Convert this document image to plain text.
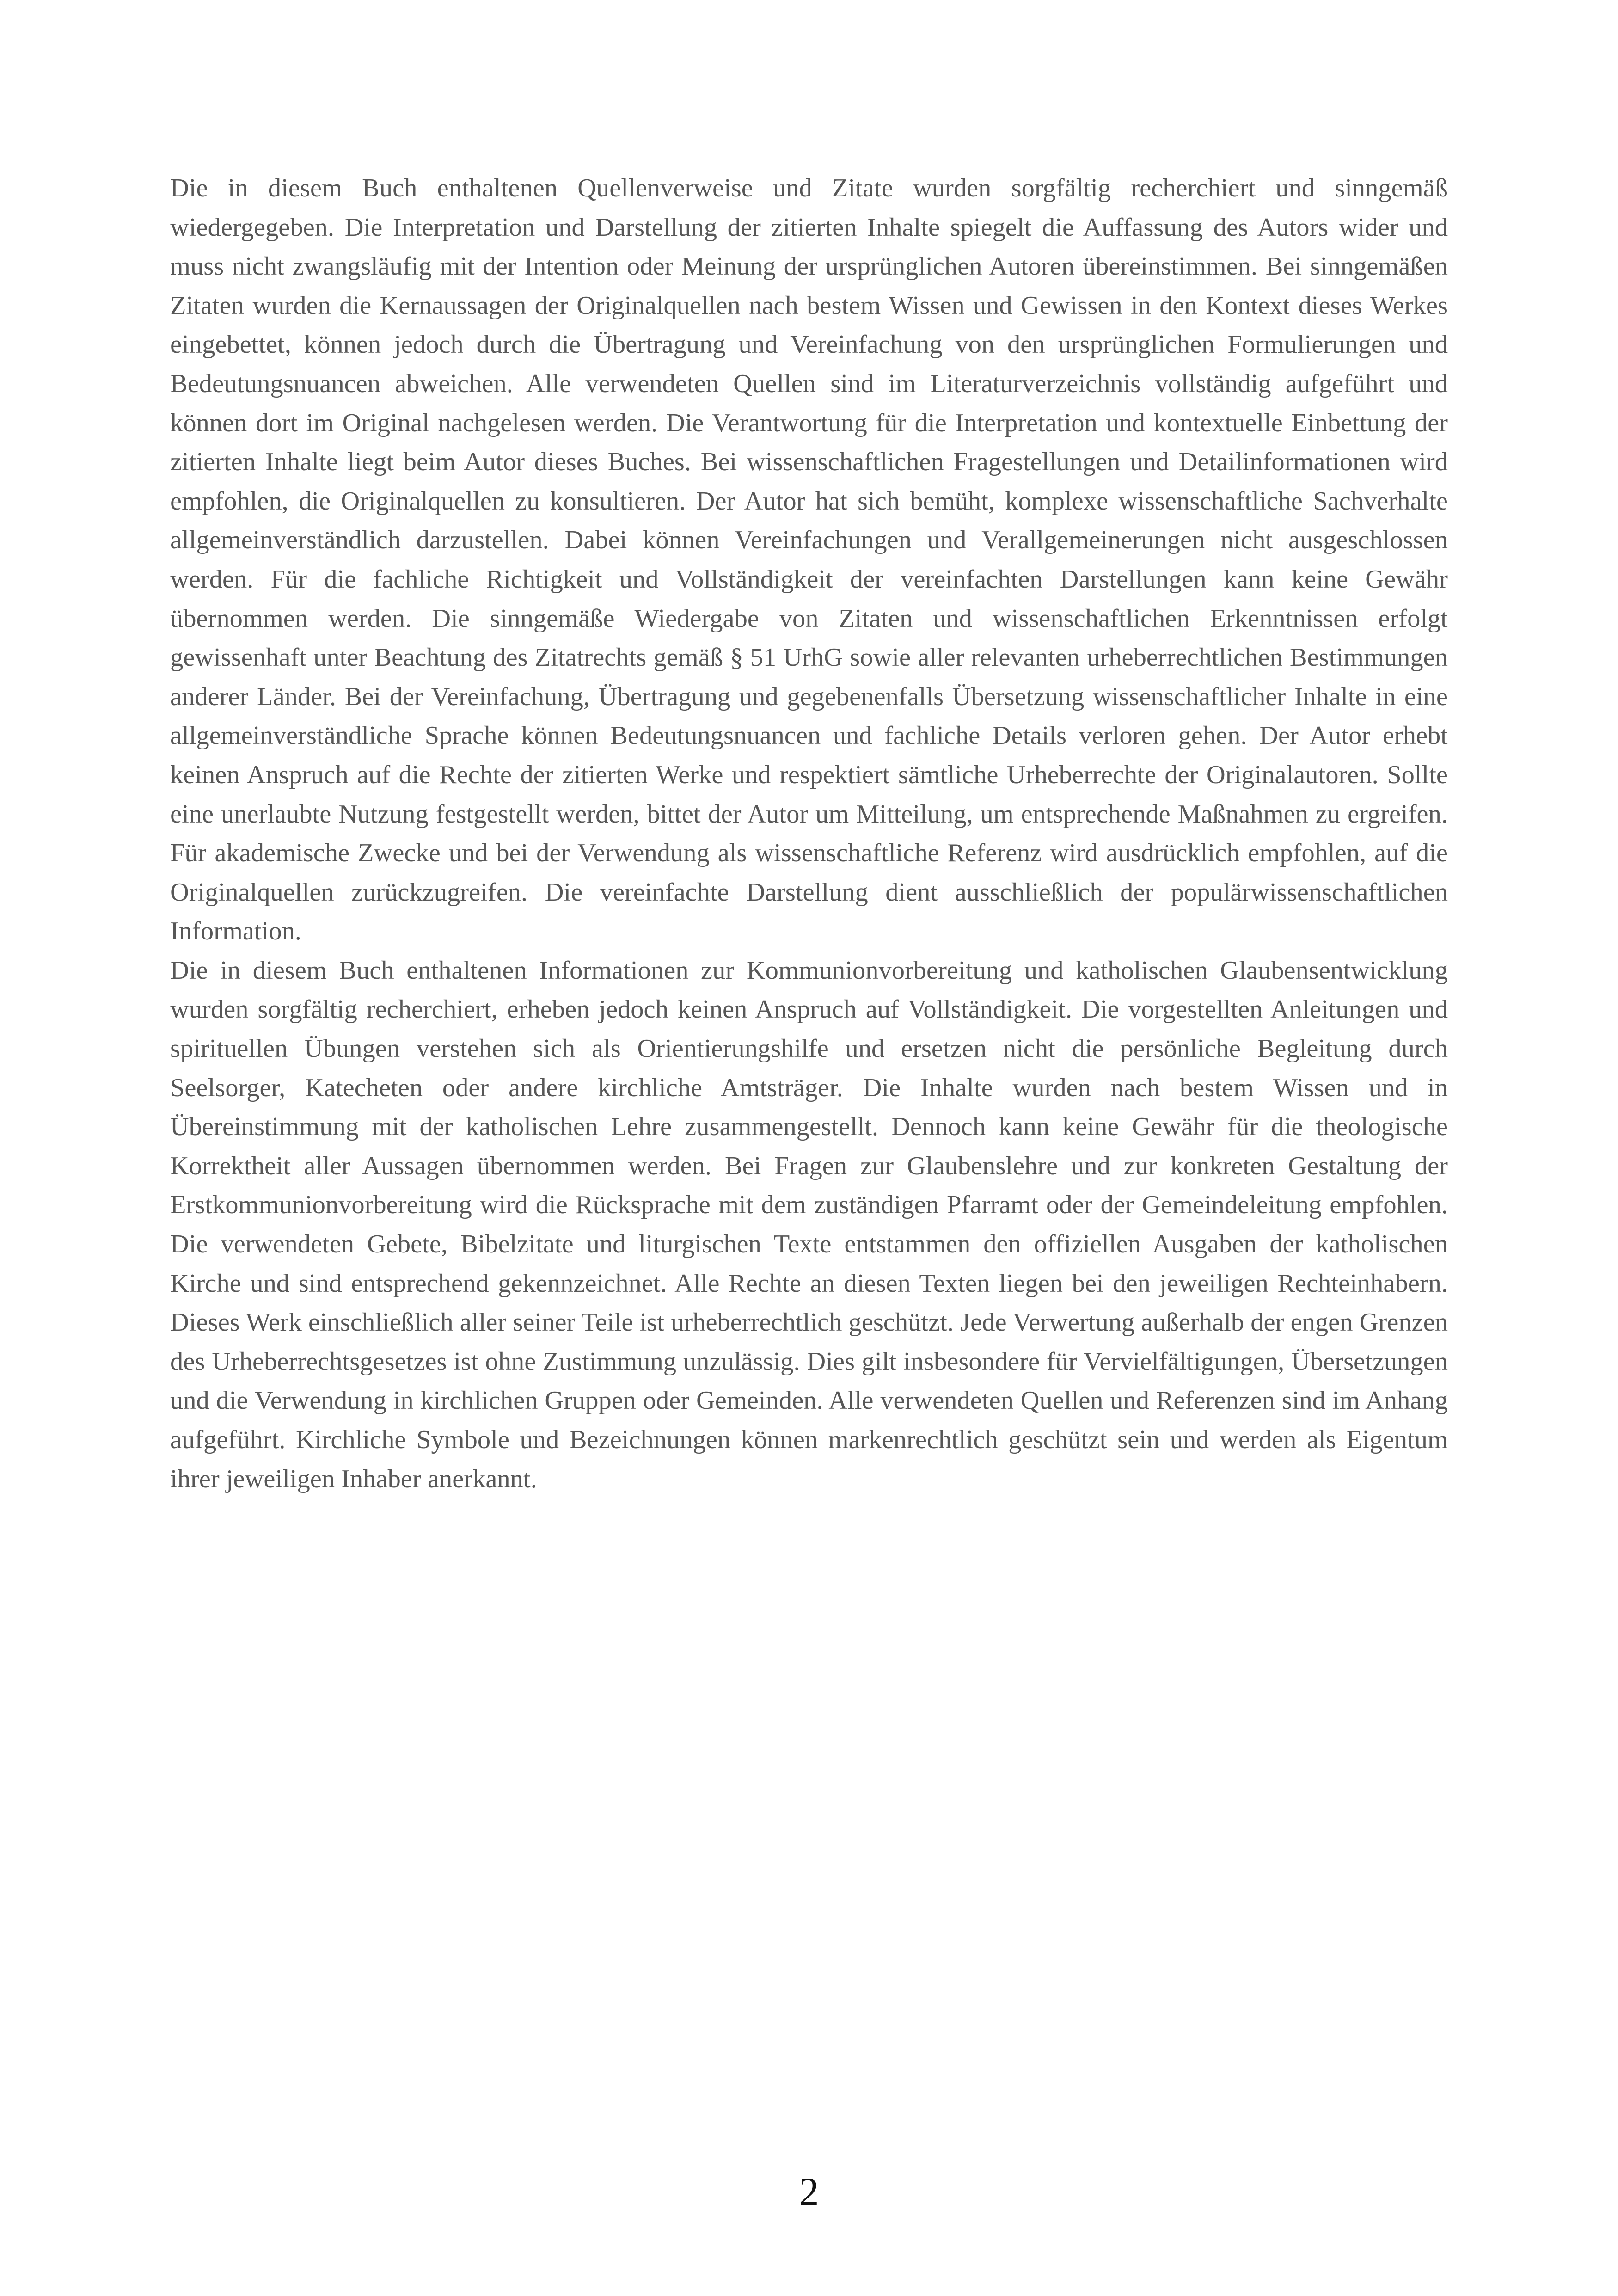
Die in diesem Buch enthaltenen Quellenverweise und Zitate wurden sorgfältig recherchiert und sinngemäß wiedergegeben. Die Interpretation und Darstellung der zitierten Inhalte spiegelt die Auffassung des Autors wider und muss nicht zwangsläufig mit der Intention oder Meinung der ursprünglichen Autoren übereinstimmen. Bei sinngemäßen Zitaten wurden die Kernaussagen der Originalquellen nach bestem Wissen und Gewissen in den Kontext dieses Werkes eingebettet, können jedoch durch die Übertragung und Vereinfachung von den ursprünglichen Formulierungen und Bedeutungsnuancen abweichen. Alle verwendeten Quellen sind im Literaturverzeichnis vollständig aufgeführt und können dort im Original nachgelesen werden. Die Verantwortung für die Interpretation und kontextuelle Einbettung der zitierten Inhalte liegt beim Autor dieses Buches. Bei wissenschaftlichen Fragestellungen und Detailinformationen wird empfohlen, die Originalquellen zu konsultieren. Der Autor hat sich bemüht, komplexe wissenschaftliche Sachverhalte allgemeinverständlich darzustellen. Dabei können Vereinfachungen und Verallgemeinerungen nicht ausgeschlossen werden. Für die fachliche Richtigkeit und Vollständigkeit der vereinfachten Darstellungen kann keine Gewähr übernommen werden. Die sinngemäße Wiedergabe von Zitaten und wissenschaftlichen Erkenntnissen erfolgt gewissenhaft unter Beachtung des Zitatrechts gemäß § 51 UrhG sowie aller relevanten urheberrechtlichen Bestimmungen anderer Länder. Bei der Vereinfachung, Übertragung und gegebenenfalls Übersetzung wissenschaftlicher Inhalte in eine allgemeinverständliche Sprache können Bedeutungsnuancen und fachliche Details verloren gehen. Der Autor erhebt keinen Anspruch auf die Rechte der zitierten Werke und respektiert sämtliche Urheberrechte der Originalautoren. Sollte eine unerlaubte Nutzung festgestellt werden, bittet der Autor um Mitteilung, um entsprechende Maßnahmen zu ergreifen. Für akademische Zwecke und bei der Verwendung als wissenschaftliche Referenz wird ausdrücklich empfohlen, auf die Originalquellen zurückzugreifen. Die vereinfachte Darstellung dient ausschließlich der populärwissenschaftlichen Information.

Die in diesem Buch enthaltenen Informationen zur Kommunionvorbereitung und katholischen Glaubensentwicklung wurden sorgfältig recherchiert, erheben jedoch keinen Anspruch auf Vollständigkeit. Die vorgestellten Anleitungen und spirituellen Übungen verstehen sich als Orientierungshilfe und ersetzen nicht die persönliche Begleitung durch Seelsorger, Katecheten oder andere kirchliche Amtsträger. Die Inhalte wurden nach bestem Wissen und in Übereinstimmung mit der katholischen Lehre zusammengestellt. Dennoch kann keine Gewähr für die theologische Korrektheit aller Aussagen übernommen werden. Bei Fragen zur Glaubenslehre und zur konkreten Gestaltung der Erstkommunionvorbereitung wird die Rücksprache mit dem zuständigen Pfarramt oder der Gemeindeleitung empfohlen. Die verwendeten Gebete, Bibelzitate und liturgischen Texte entstammen den offiziellen Ausgaben der katholischen Kirche und sind entsprechend gekennzeichnet. Alle Rechte an diesen Texten liegen bei den jeweiligen Rechteinhabern. Dieses Werk einschließlich aller seiner Teile ist urheberrechtlich geschützt. Jede Verwertung außerhalb der engen Grenzen des Urheberrechtsgesetzes ist ohne Zustimmung unzulässig. Dies gilt insbesondere für Vervielfältigungen, Übersetzungen und die Verwendung in kirchlichen Gruppen oder Gemeinden. Alle verwendeten Quellen und Referenzen sind im Anhang aufgeführt. Kirchliche Symbole und Bezeichnungen können markenrechtlich geschützt sein und werden als Eigentum ihrer jeweiligen Inhaber anerkannt.

2
